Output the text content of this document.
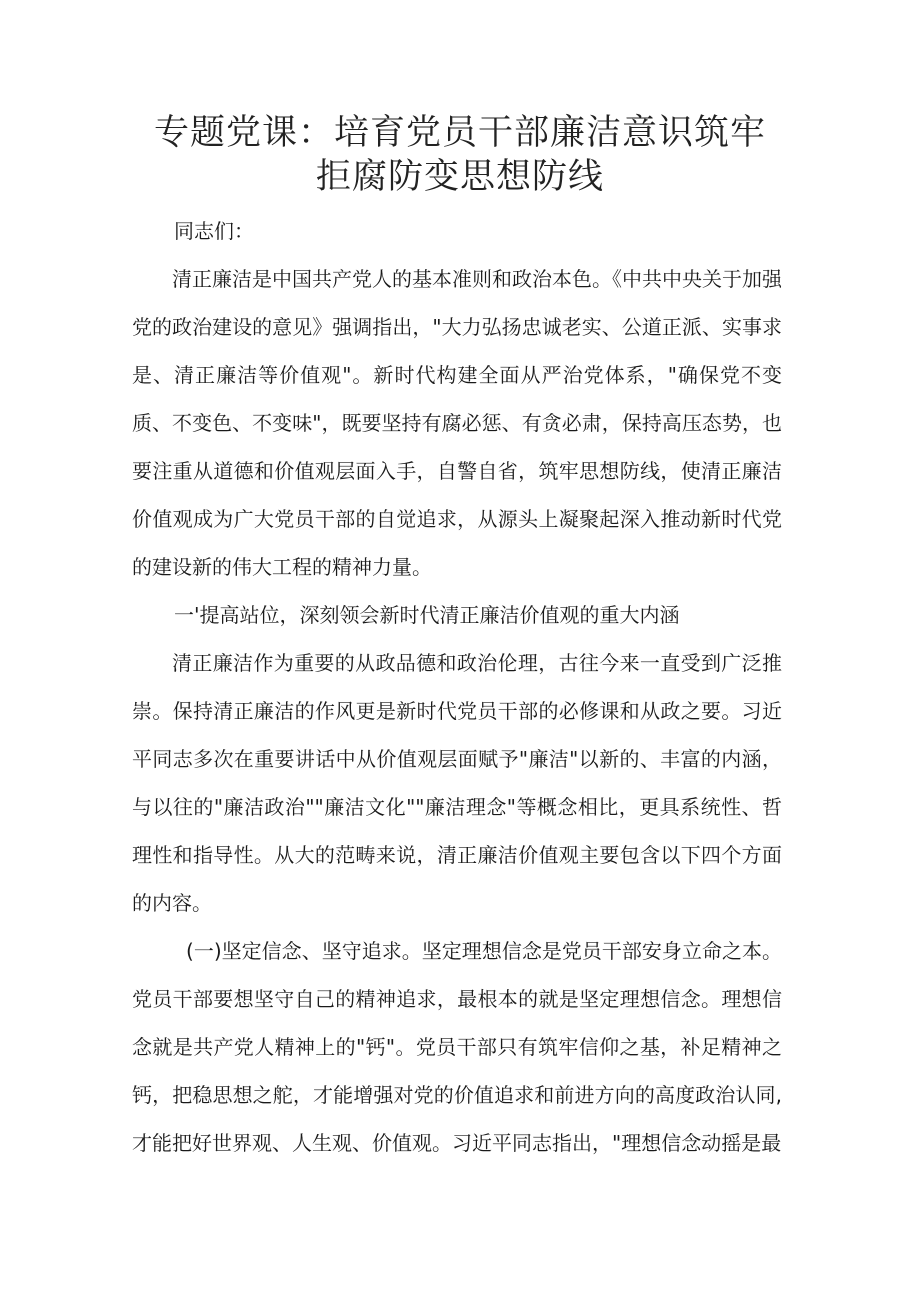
专题党课：培育党员干部廉洁意识筑牢
拒腐防变思想防线
同志们：

清正廉洁是中国共产党人的基本准则和政治本色。《中共中央关于加强党的政治建设的意见》强调指出，"大力弘扬忠诚老实、公道正派、实事求是、清正廉洁等价值观"。新时代构建全面从严治党体系，"确保党不变质、不变色、不变味"，既要坚持有腐必惩、有贪必肃，保持高压态势，也要注重从道德和价值观层面入手，自警自省，筑牢思想防线，使清正廉洁价值观成为广大党员干部的自觉追求，从源头上凝聚起深入推动新时代党的建设新的伟大工程的精神力量。

一'提高站位，深刻领会新时代清正廉洁价值观的重大内涵

清正廉洁作为重要的从政品德和政治伦理，古往今来一直受到广泛推崇。保持清正廉洁的作风更是新时代党员干部的必修课和从政之要。习近平同志多次在重要讲话中从价值观层面赋予"廉洁"以新的、丰富的内涵，与以往的"廉洁政治""廉洁文化""廉洁理念"等概念相比，更具系统性、哲理性和指导性。从大的范畴来说，清正廉洁价值观主要包含以下四个方面的内容。

(一)坚定信念、坚守追求。坚定理想信念是党员干部安身立命之本。党员干部要想坚守自己的精神追求，最根本的就是坚定理想信念。理想信念就是共产党人精神上的"钙"。党员干部只有筑牢信仰之基，补足精神之钙，把稳思想之舵，才能增强对党的价值追求和前进方向的高度政治认同,才能把好世界观、人生观、价值观。习近平同志指出，"理想信念动摇是最
